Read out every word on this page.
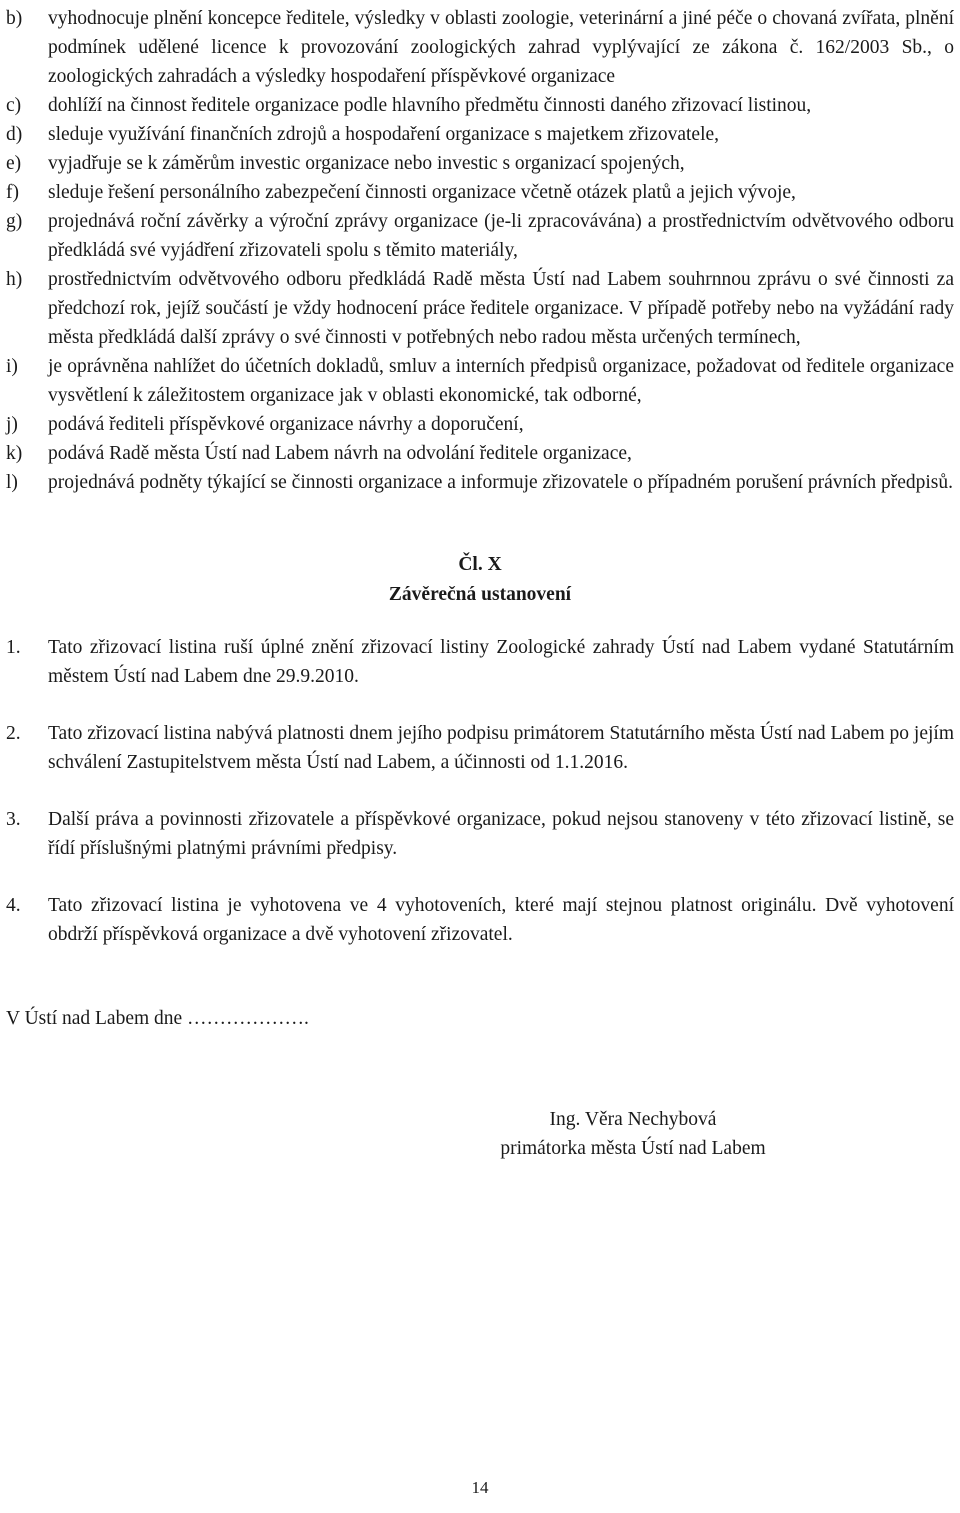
b)	vyhodnocuje plnění koncepce ředitele, výsledky v oblasti zoologie, veterinární a jiné péče o chovaná zvířata, plnění podmínek udělené licence k provozování zoologických zahrad vyplývající ze zákona č. 162/2003 Sb., o zoologických zahradách a výsledky hospodaření příspěvkové organizace
c)	dohlíží na činnost ředitele organizace podle hlavního předmětu činnosti daného zřizovací listinou,
d)	sleduje využívání finančních zdrojů a hospodaření organizace s majetkem zřizovatele,
e)	vyjadřuje se k záměrům investic organizace nebo investic s organizací spojených,
f)	sleduje řešení personálního zabezpečení činnosti organizace včetně otázek platů a jejich vývoje,
g)	projednává roční závěrky a výroční zprávy organizace (je-li zpracovávána) a prostřednictvím odvětvového odboru předkládá své vyjádření zřizovateli spolu s těmito materiály,
h)	prostřednictvím odvětvového odboru předkládá Radě města Ústí nad Labem souhrnnou zprávu o své činnosti za předchozí rok, jejíž součástí je vždy hodnocení práce ředitele organizace. V případě potřeby nebo na vyžádání rady města předkládá další zprávy o své činnosti v potřebných nebo radou města určených termínech,
i)	je oprávněna nahlížet do účetních dokladů, smluv a interních předpisů organizace, požadovat od ředitele organizace vysvětlení k záležitostem organizace jak v oblasti ekonomické, tak odborné,
j)	podává řediteli příspěvkové organizace návrhy a doporučení,
k)	podává Radě města Ústí nad Labem návrh na odvolání ředitele organizace,
l)	projednává podněty týkající se činnosti organizace a informuje zřizovatele o případném porušení právních předpisů.
Čl. X
Závěrečná ustanovení
1.	Tato zřizovací listina ruší úplné znění zřizovací listiny Zoologické zahrady Ústí nad Labem vydané Statutárním městem Ústí nad Labem dne 29.9.2010.
2.	Tato zřizovací listina nabývá platnosti dnem jejího podpisu primátorem Statutárního města Ústí nad Labem po jejím schválení Zastupitelstvem města Ústí nad Labem, a účinnosti od 1.1.2016.
3.	Další práva a povinnosti zřizovatele a příspěvkové organizace, pokud nejsou stanoveny v této zřizovací listině, se řídí příslušnými platnými právními předpisy.
4.	Tato zřizovací listina je vyhotovena ve 4 vyhotoveních, které mají stejnou platnost originálu. Dvě vyhotovení obdrží příspěvková organizace a dvě vyhotovení zřizovatel.
V Ústí nad Labem dne ……………….
Ing. Věra Nechybová
primátorka města Ústí nad Labem
14
